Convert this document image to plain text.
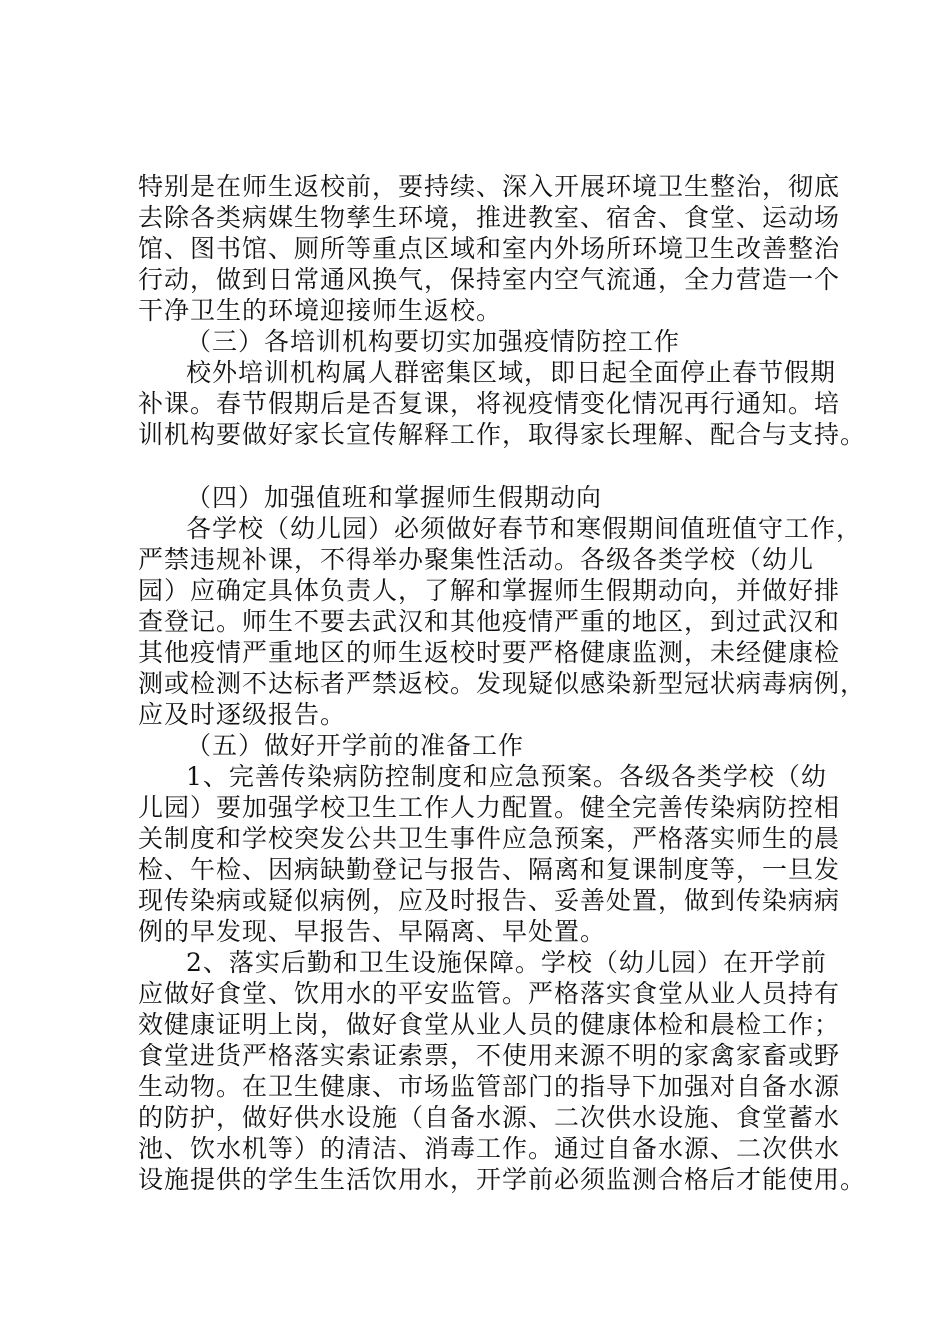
特别是在师生返校前，要持续、深入开展环境卫生整治，彻底
去除各类病媒生物孳生环境，推进教室、宿舍、食堂、运动场
馆、图书馆、厕所等重点区域和室内外场所环境卫生改善整治
行动，做到日常通风换气，保持室内空气流通，全力营造一个
干净卫生的环境迎接师生返校。
（三）各培训机构要切实加强疫情防控工作
校外培训机构属人群密集区域，即日起全面停止春节假期
补课。春节假期后是否复课，将视疫情变化情况再行通知。培
训机构要做好家长宣传解释工作，取得家长理解、配合与支持。
（四）加强值班和掌握师生假期动向
各学校（幼儿园）必须做好春节和寒假期间值班值守工作，
严禁违规补课，不得举办聚集性活动。各级各类学校（幼儿
园）应确定具体负责人，了解和掌握师生假期动向，并做好排
查登记。师生不要去武汉和其他疫情严重的地区，到过武汉和
其他疫情严重地区的师生返校时要严格健康监测，未经健康检
测或检测不达标者严禁返校。发现疑似感染新型冠状病毒病例，
应及时逐级报告。
（五）做好开学前的准备工作
1、完善传染病防控制度和应急预案。各级各类学校（幼
儿园）要加强学校卫生工作人力配置。健全完善传染病防控相
关制度和学校突发公共卫生事件应急预案，严格落实师生的晨
检、午检、因病缺勤登记与报告、隔离和复课制度等，一旦发
现传染病或疑似病例，应及时报告、妥善处置，做到传染病病
例的早发现、早报告、早隔离、早处置。
2、落实后勤和卫生设施保障。学校（幼儿园）在开学前
应做好食堂、饮用水的平安监管。严格落实食堂从业人员持有
效健康证明上岗，做好食堂从业人员的健康体检和晨检工作；
食堂进货严格落实索证索票，不使用来源不明的家禽家畜或野
生动物。在卫生健康、市场监管部门的指导下加强对自备水源
的防护，做好供水设施（自备水源、二次供水设施、食堂蓄水
池、饮水机等）的清洁、消毒工作。通过自备水源、二次供水
设施提供的学生生活饮用水，开学前必须监测合格后才能使用。
